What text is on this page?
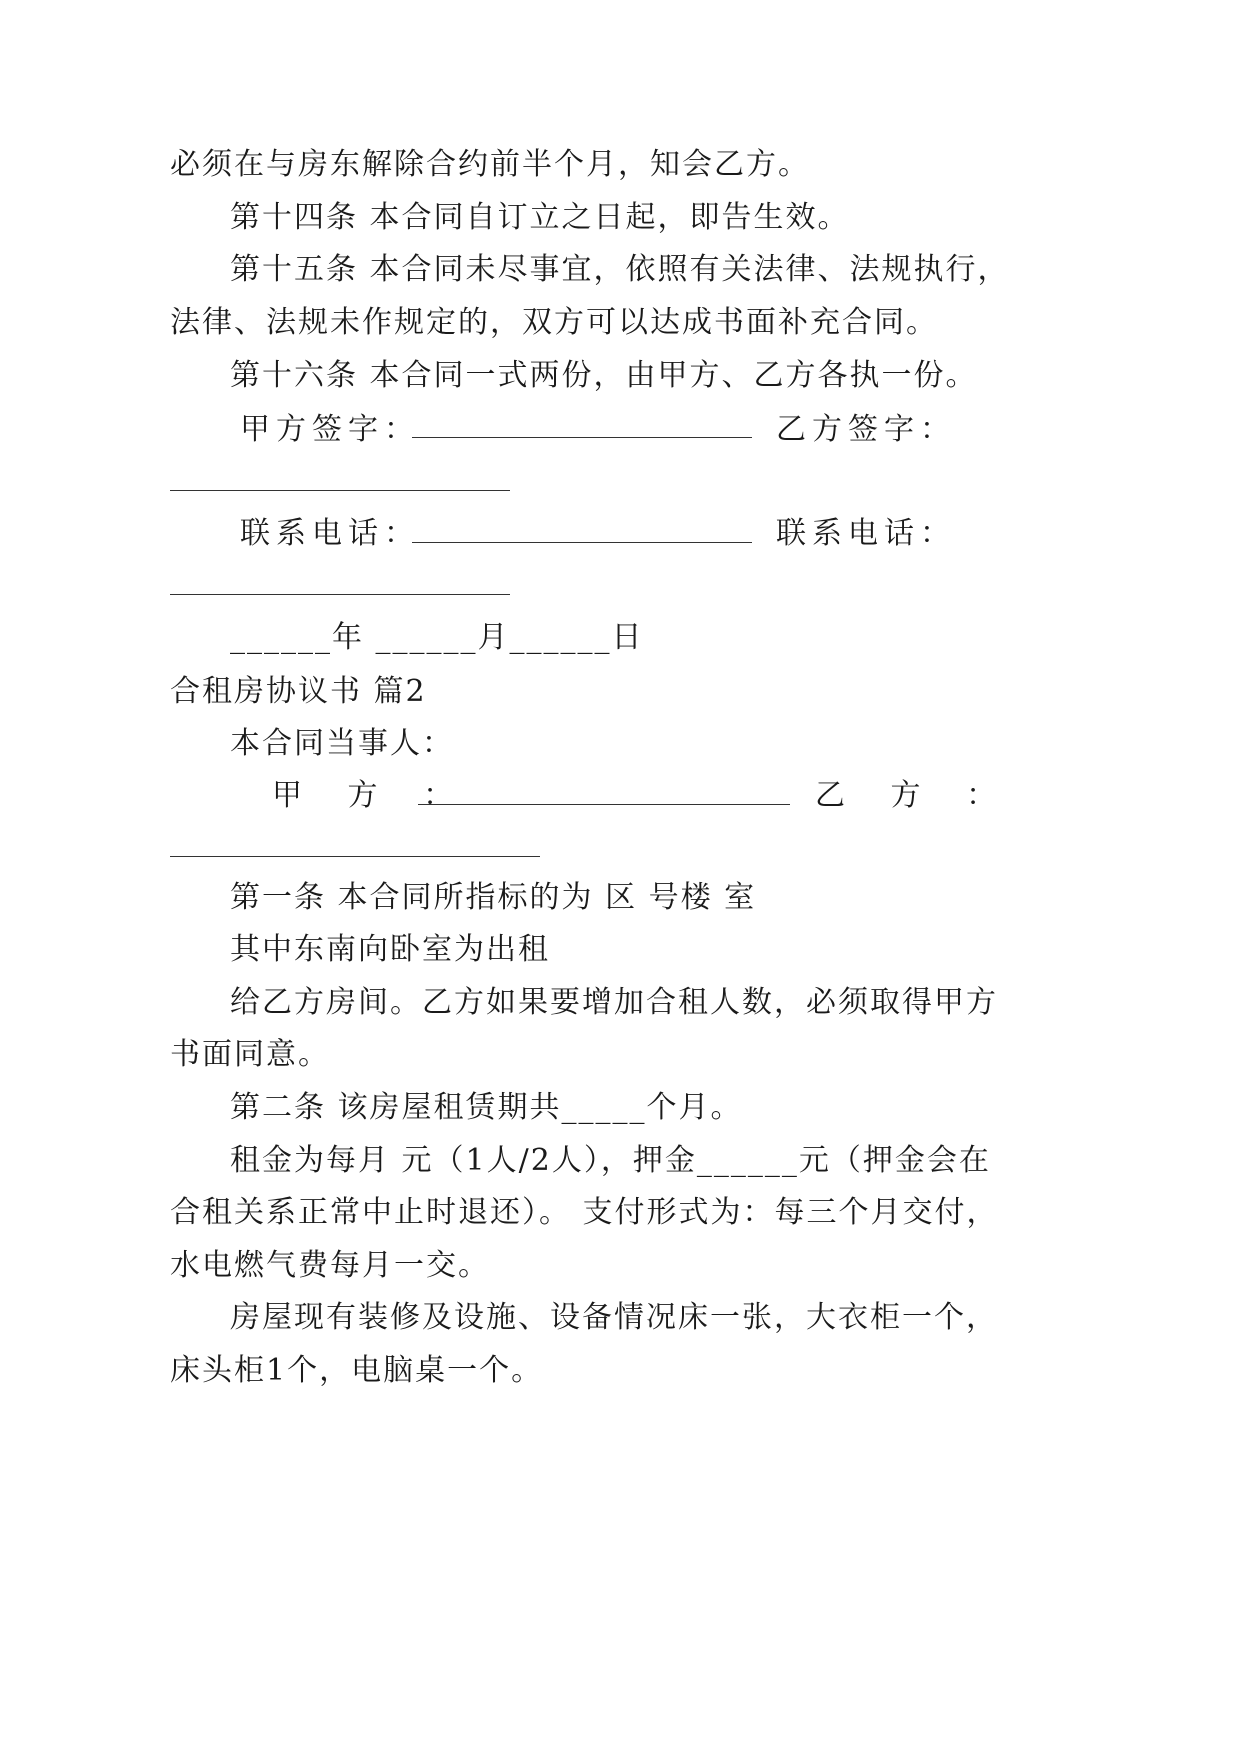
必须在与房东解除合约前半个月，知会乙方。
第十四条 本合同自订立之日起，即告生效。
第十五条 本合同未尽事宜，依照有关法律、法规执行，
法律、法规未作规定的，双方可以达成书面补充合同。
第十六条 本合同一式两份，由甲方、乙方各执一份。
甲方签字：	乙方签字：
联系电话：	联系电话：
______年 ______月______日
合租房协议书 篇2
本合同当事人：
甲 方 ：	乙 方 ：
第一条 本合同所指标的为 区 号楼 室
其中东南向卧室为出租
给乙方房间。乙方如果要增加合租人数，必须取得甲方
书面同意。
第二条 该房屋租赁期共_____个月。
租金为每月 元（1人/2人），押金______元（押金会在
合租关系正常中止时退还）。 支付形式为：每三个月交付，
水电燃气费每月一交。
房屋现有装修及设施、设备情况床一张，大衣柜一个，
床头柜1个，电脑桌一个。
